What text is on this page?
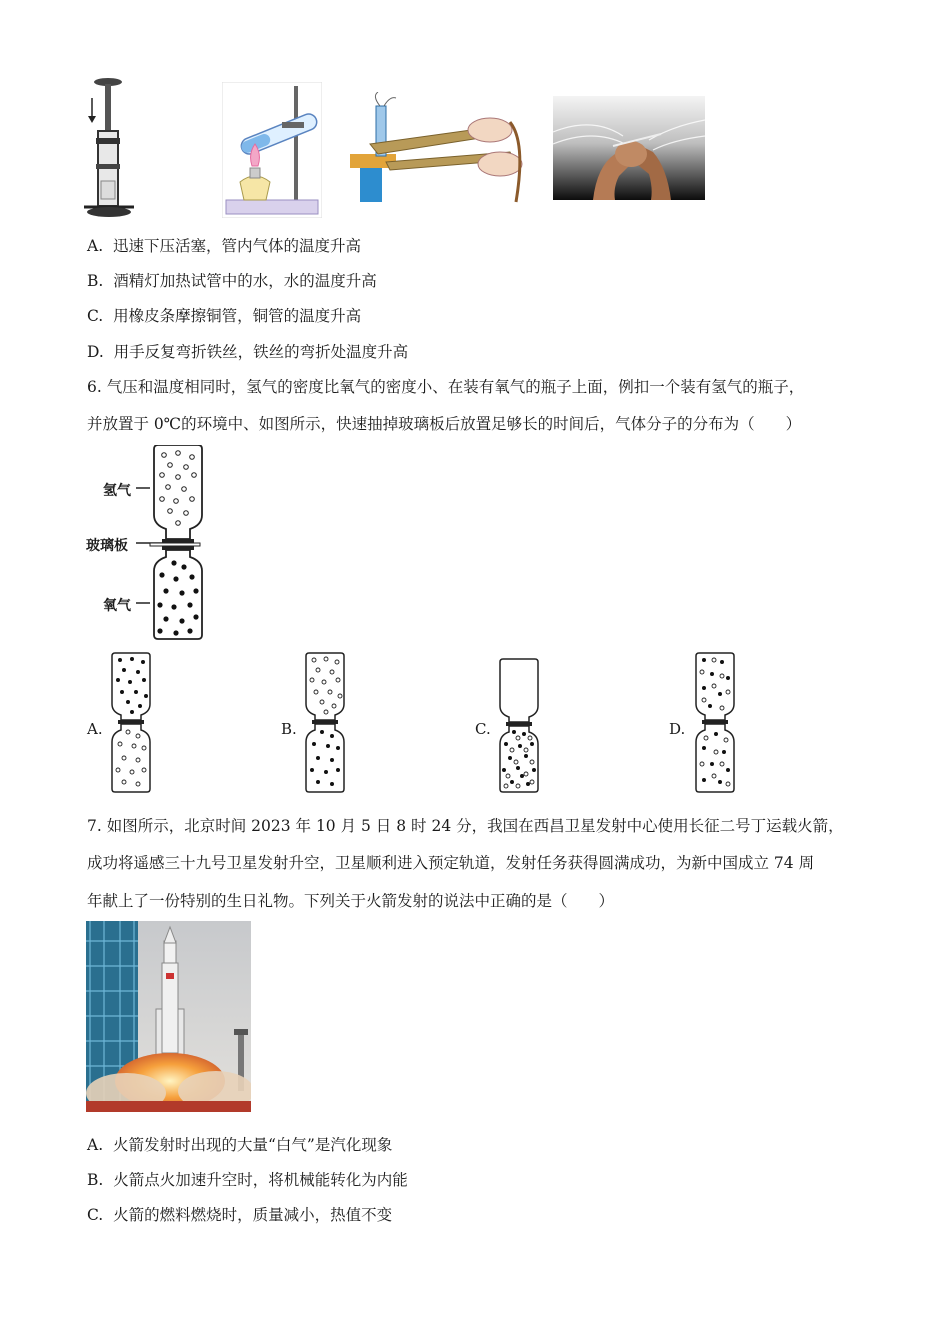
A. 迅速下压活塞，管内气体的温度升高
B. 酒精灯加热试管中的水，水的温度升高
C. 用橡皮条摩擦铜管，铜管的温度升高
D. 用手反复弯折铁丝，铁丝的弯折处温度升高
6. 气压和温度相同时，氢气的密度比氧气的密度小、在装有氧气的瓶子上面，例扣一个装有氢气的瓶子，
并放置于 0℃的环境中、如图所示，快速抽掉玻璃板后放置足够长的时间后，气体分子的分布为（　　）
氢气
玻璃板
氧气
A.	B.	C.	D.
7. 如图所示，北京时间 2023 年 10 月 5 日 8 时 24 分，我国在西昌卫星发射中心使用长征二号丁运载火箭，
成功将遥感三十九号卫星发射升空，卫星顺利进入预定轨道，发射任务获得圆满成功，为新中国成立 74 周
年献上了一份特别的生日礼物。下列关于火箭发射的说法中正确的是（　　）
A. 火箭发射时出现的大量“白气”是汽化现象
B. 火箭点火加速升空时，将机械能转化为内能
C. 火箭的燃料燃烧时，质量减小，热值不变
